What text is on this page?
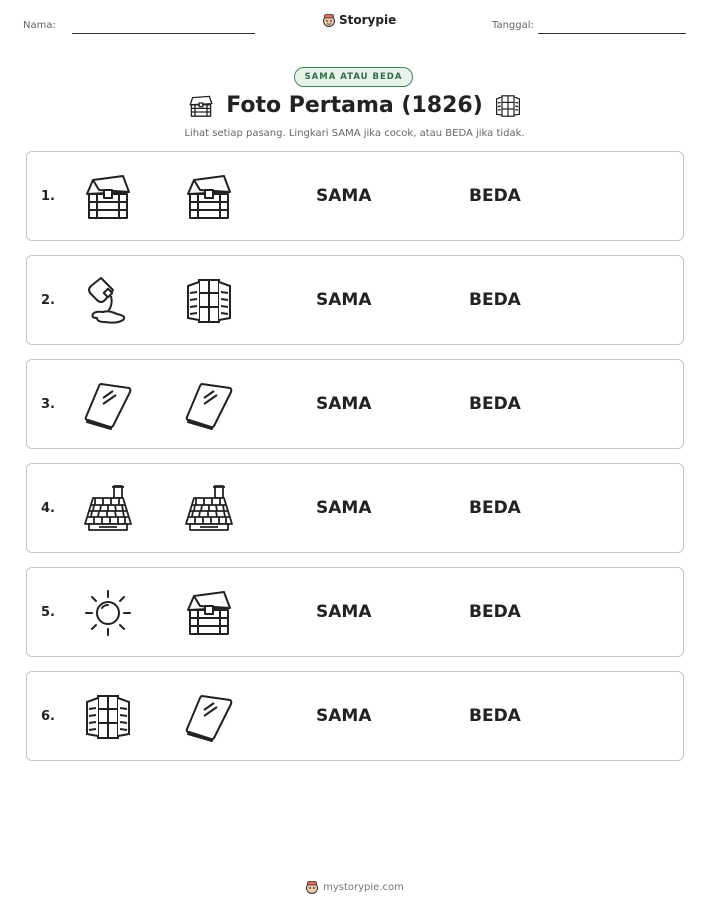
Nama:	Storypie	Tanggal:
SAMA ATAU BEDA
Foto Pertama (1826)
Lihat setiap pasang. Lingkari SAMA jika cocok, atau BEDA jika tidak.
1.	SAMA	BEDA
2.	SAMA	BEDA
3.	SAMA	BEDA
4.	SAMA	BEDA
5.	SAMA	BEDA
6.	SAMA	BEDA
mystorypie.com
